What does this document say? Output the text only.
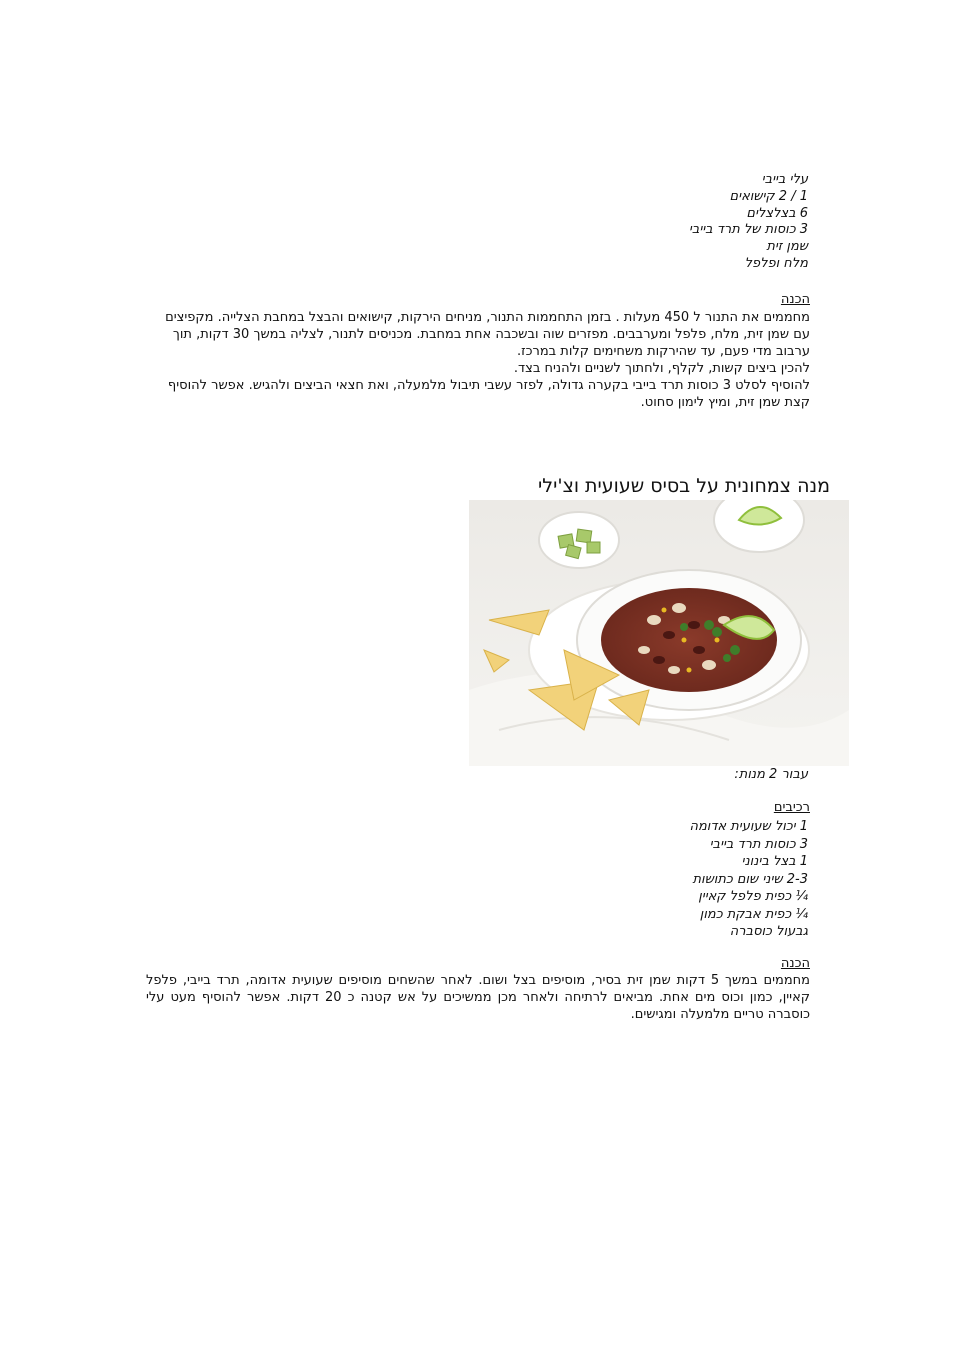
עלי בייבי
1 / 2 קישואים
6 בצלצלים
3 כוסות של תרד בייבי
שמן זית
מלח ופלפל
הכנה

מחממים את התנור ל 450 מעלות . בזמן התחממות התנור, מניחים הירקות, קישואים והבצל במחבת הצלייה. מקפיצים עם שמן זית, מלח, פלפל ומערבבים. מפזרים שוה ובשכבה אחת במחבת. מכניסים לתנור, לצליה במשך 30 דקות, תוך ערבוב מדי פעם, עד שהירקות משחימים קלות במרכז.

להכין ביצים קשות, לקלף, ולחתוך לשניים ולהניח בצד.

להוסיף לסלט 3 כוסות תרד בייבי בקערה גדולה, לפזר עשבי תיבול מלמעלה, ואת חצאי הביצים ולהגיש. אפשר להוסיף קצת שמן זית, ומיץ לימון סחוט.

מנה צמחונית על בסיס שעועית וצ'ילי
עבור 2 מנות:
רכיבים
1 יכול שעועית אדומה
3 כוסות תרד בייבי
1 בצל בינוני
2-3 שיני שום כתושות
¼ כפית פלפל קאיין
¼ כפית אבקת כמון
גבעול כוסברה
הכנה

מחממים במשך 5 דקות שמן זית בסיר, מוסיפים בצל ושום. לאחר שהשחים מוסיפים שעועית אדומה, תרד בייבי, פלפל קאיין, כמון וכוס מים אחת. מביאים לרתיחה ולאחר מכן ממשיכים על אש קטנה כ 20 דקות. אפשר להוסיף מעט עלי כוסברה טריים מלמעלה ומגישים.
